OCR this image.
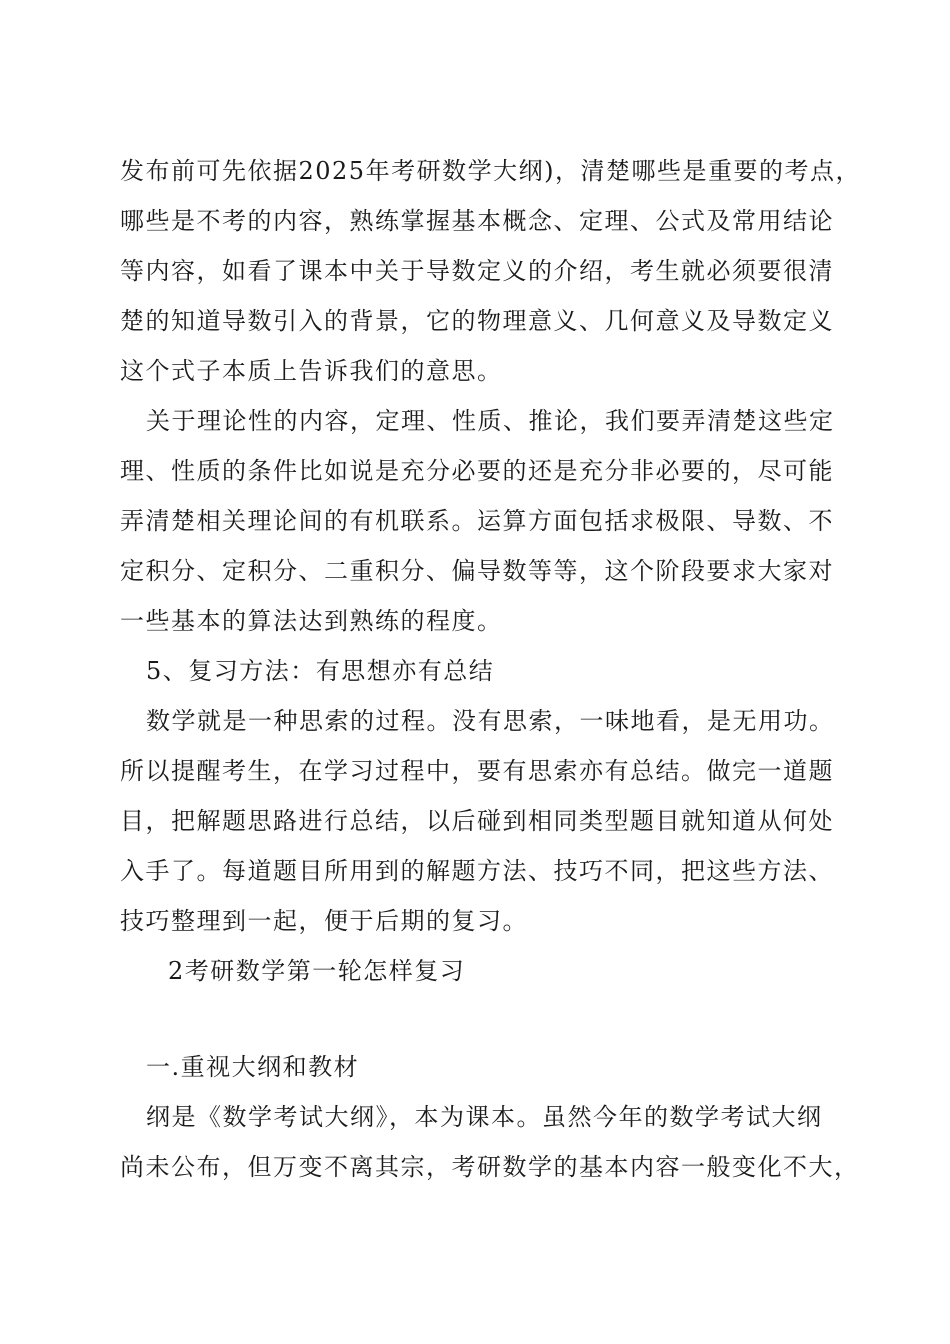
发布前可先依据2025年考研数学大纲)，清楚哪些是重要的考点，
哪些是不考的内容，熟练掌握基本概念、定理、公式及常用结论
等内容，如看了课本中关于导数定义的介绍，考生就必须要很清
楚的知道导数引入的背景，它的物理意义、几何意义及导数定义
这个式子本质上告诉我们的意思。
关于理论性的内容，定理、性质、推论，我们要弄清楚这些定
理、性质的条件比如说是充分必要的还是充分非必要的，尽可能
弄清楚相关理论间的有机联系。运算方面包括求极限、导数、不
定积分、定积分、二重积分、偏导数等等，这个阶段要求大家对
一些基本的算法达到熟练的程度。
5、复习方法：有思想亦有总结
数学就是一种思索的过程。没有思索，一味地看，是无用功。
所以提醒考生，在学习过程中，要有思索亦有总结。做完一道题
目，把解题思路进行总结，以后碰到相同类型题目就知道从何处
入手了。每道题目所用到的解题方法、技巧不同，把这些方法、
技巧整理到一起，便于后期的复习。
2考研数学第一轮怎样复习
一.重视大纲和教材
纲是《数学考试大纲》，本为课本。虽然今年的数学考试大纲
尚未公布，但万变不离其宗，考研数学的基本内容一般变化不大，
